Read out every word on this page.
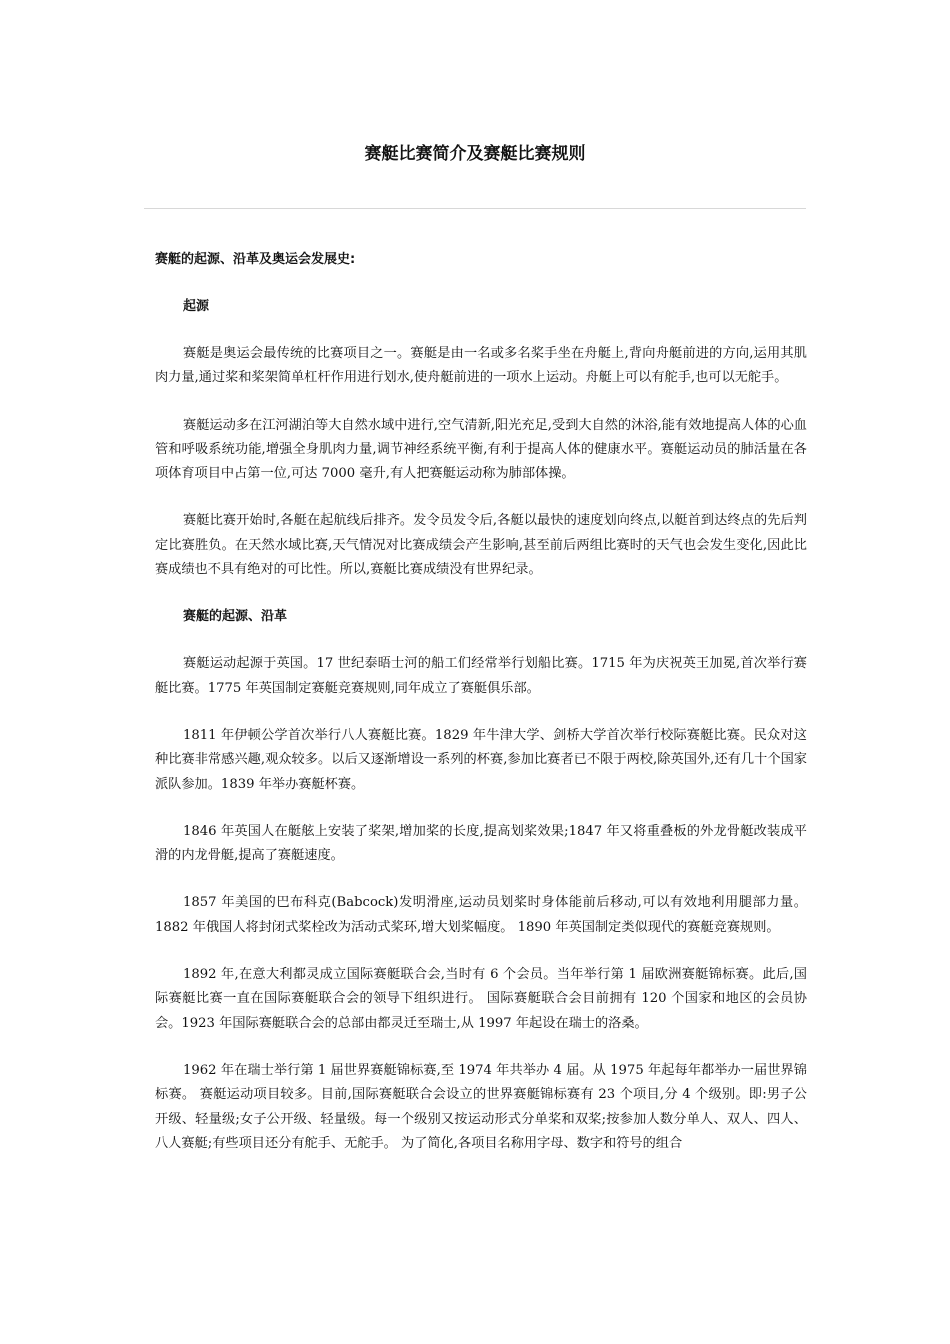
赛艇比赛简介及赛艇比赛规则

赛艇的起源、沿革及奥运会发展史:

起源

赛艇是奥运会最传统的比赛项目之一。赛艇是由一名或多名桨手坐在舟艇上,背向舟艇前进的方向,运用其肌肉力量,通过桨和桨架简单杠杆作用进行划水,使舟艇前进的一项水上运动。舟艇上可以有舵手,也可以无舵手。

赛艇运动多在江河湖泊等大自然水域中进行,空气清新,阳光充足,受到大自然的沐浴,能有效地提高人体的心血管和呼吸系统功能,增强全身肌肉力量,调节神经系统平衡,有利于提高人体的健康水平。赛艇运动员的肺活量在各项体育项目中占第一位,可达 7000 毫升,有人把赛艇运动称为肺部体操。

赛艇比赛开始时,各艇在起航线后排齐。发令员发令后,各艇以最快的速度划向终点,以艇首到达终点的先后判定比赛胜负。在天然水域比赛,天气情况对比赛成绩会产生影响,甚至前后两组比赛时的天气也会发生变化,因此比赛成绩也不具有绝对的可比性。所以,赛艇比赛成绩没有世界纪录。

赛艇的起源、沿革

赛艇运动起源于英国。17 世纪泰晤士河的船工们经常举行划船比赛。1715 年为庆祝英王加冕,首次举行赛艇比赛。1775 年英国制定赛艇竞赛规则,同年成立了赛艇俱乐部。

1811 年伊顿公学首次举行八人赛艇比赛。1829 年牛津大学、剑桥大学首次举行校际赛艇比赛。民众对这种比赛非常感兴趣,观众较多。以后又逐渐增设一系列的杯赛,参加比赛者已不限于两校,除英国外,还有几十个国家派队参加。1839 年举办赛艇杯赛。

1846 年英国人在艇舷上安装了桨架,增加桨的长度,提高划桨效果;1847 年又将重叠板的外龙骨艇改装成平滑的内龙骨艇,提高了赛艇速度。

1857 年美国的巴布科克(Babcock)发明滑座,运动员划桨时身体能前后移动,可以有效地利用腿部力量。 1882 年俄国人将封闭式桨栓改为活动式桨环,增大划桨幅度。 1890 年英国制定类似现代的赛艇竞赛规则。

1892 年,在意大利都灵成立国际赛艇联合会,当时有 6 个会员。当年举行第 1 届欧洲赛艇锦标赛。此后,国际赛艇比赛一直在国际赛艇联合会的领导下组织进行。 国际赛艇联合会目前拥有 120 个国家和地区的会员协会。1923 年国际赛艇联合会的总部由都灵迁至瑞士,从 1997 年起设在瑞士的洛桑。

1962 年在瑞士举行第 1 届世界赛艇锦标赛,至 1974 年共举办 4 届。从 1975 年起每年都举办一届世界锦标赛。 赛艇运动项目较多。目前,国际赛艇联合会设立的世界赛艇锦标赛有 23 个项目,分 4 个级别。即:男子公开级、轻量级;女子公开级、轻量级。每一个级别又按运动形式分单桨和双桨;按参加人数分单人、双人、四人、八人赛艇;有些项目还分有舵手、无舵手。 为了简化,各项目名称用字母、数字和符号的组合
